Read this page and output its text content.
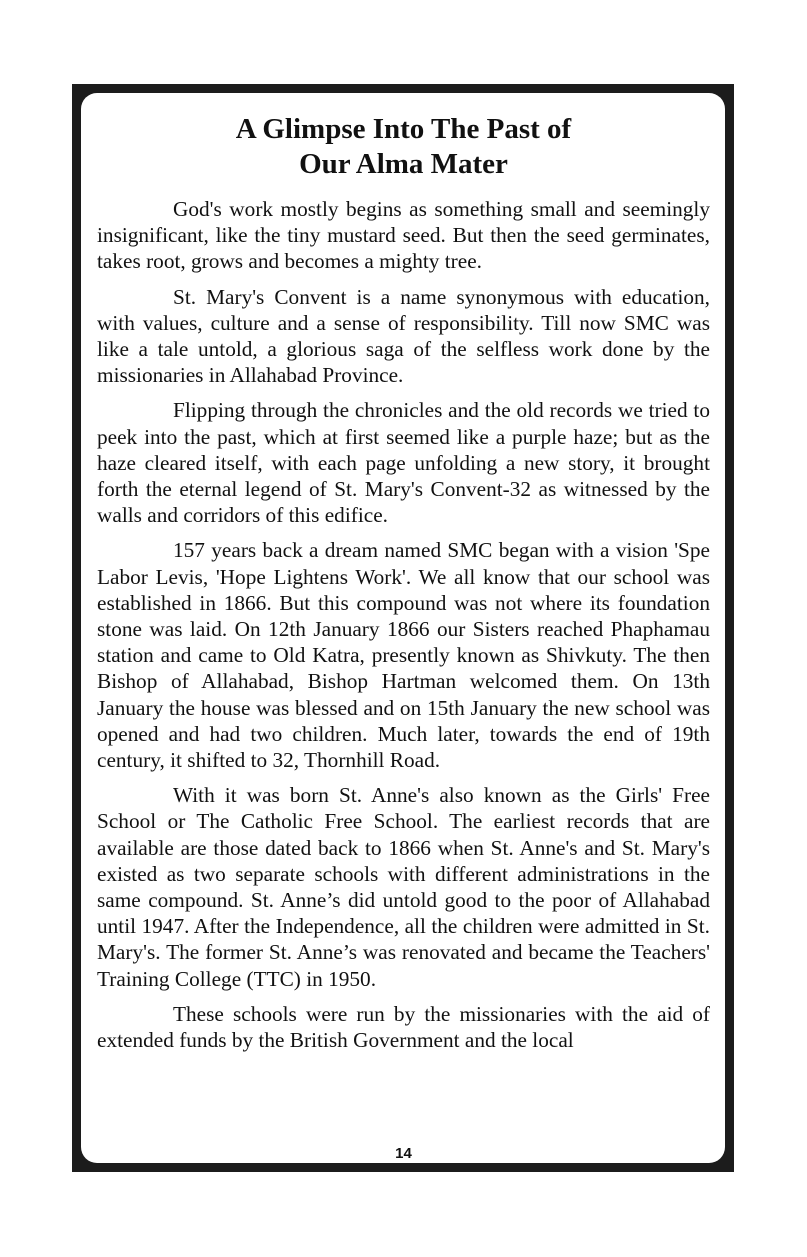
A Glimpse Into The Past of
Our Alma Mater

God's work mostly begins as something small and seemingly insignificant, like the tiny mustard seed. But then the seed germinates, takes root, grows and becomes a mighty tree.

St. Mary's Convent is a name synonymous with education, with values, culture and a sense of responsibility. Till now SMC was like a tale untold, a glorious saga of the selfless work done by the missionaries in Allahabad Province.

Flipping through the chronicles and the old records we tried to peek into the past, which at first seemed like a purple haze; but as the haze cleared itself, with each page unfolding a new story, it brought forth the eternal legend of St. Mary's Convent-32 as witnessed by the walls and corridors of this edifice.

157 years back a dream named SMC began with a vision 'Spe Labor Levis, 'Hope Lightens Work'. We all know that our school was established in 1866. But this compound was not where its foundation stone was laid. On 12th January 1866 our Sisters reached Phaphamau station and came to Old Katra, presently known as Shivkuty. The then Bishop of Allahabad, Bishop Hartman welcomed them. On 13th January the house was blessed and on 15th January the new school was opened and had two children. Much later, towards the end of 19th century, it shifted to 32, Thornhill Road.

With it was born St. Anne's also known as the Girls' Free School or The Catholic Free School. The earliest records that are available are those dated back to 1866 when St. Anne's and St. Mary's existed as two separate schools with different administrations in the same compound. St. Anne’s did untold good to the poor of Allahabad until 1947. After the Independence, all the children were admitted in St. Mary's. The former St. Anne’s was renovated and became the Teachers' Training College (TTC) in 1950.

These schools were run by the missionaries with the aid of extended funds by the British Government and the local

14
